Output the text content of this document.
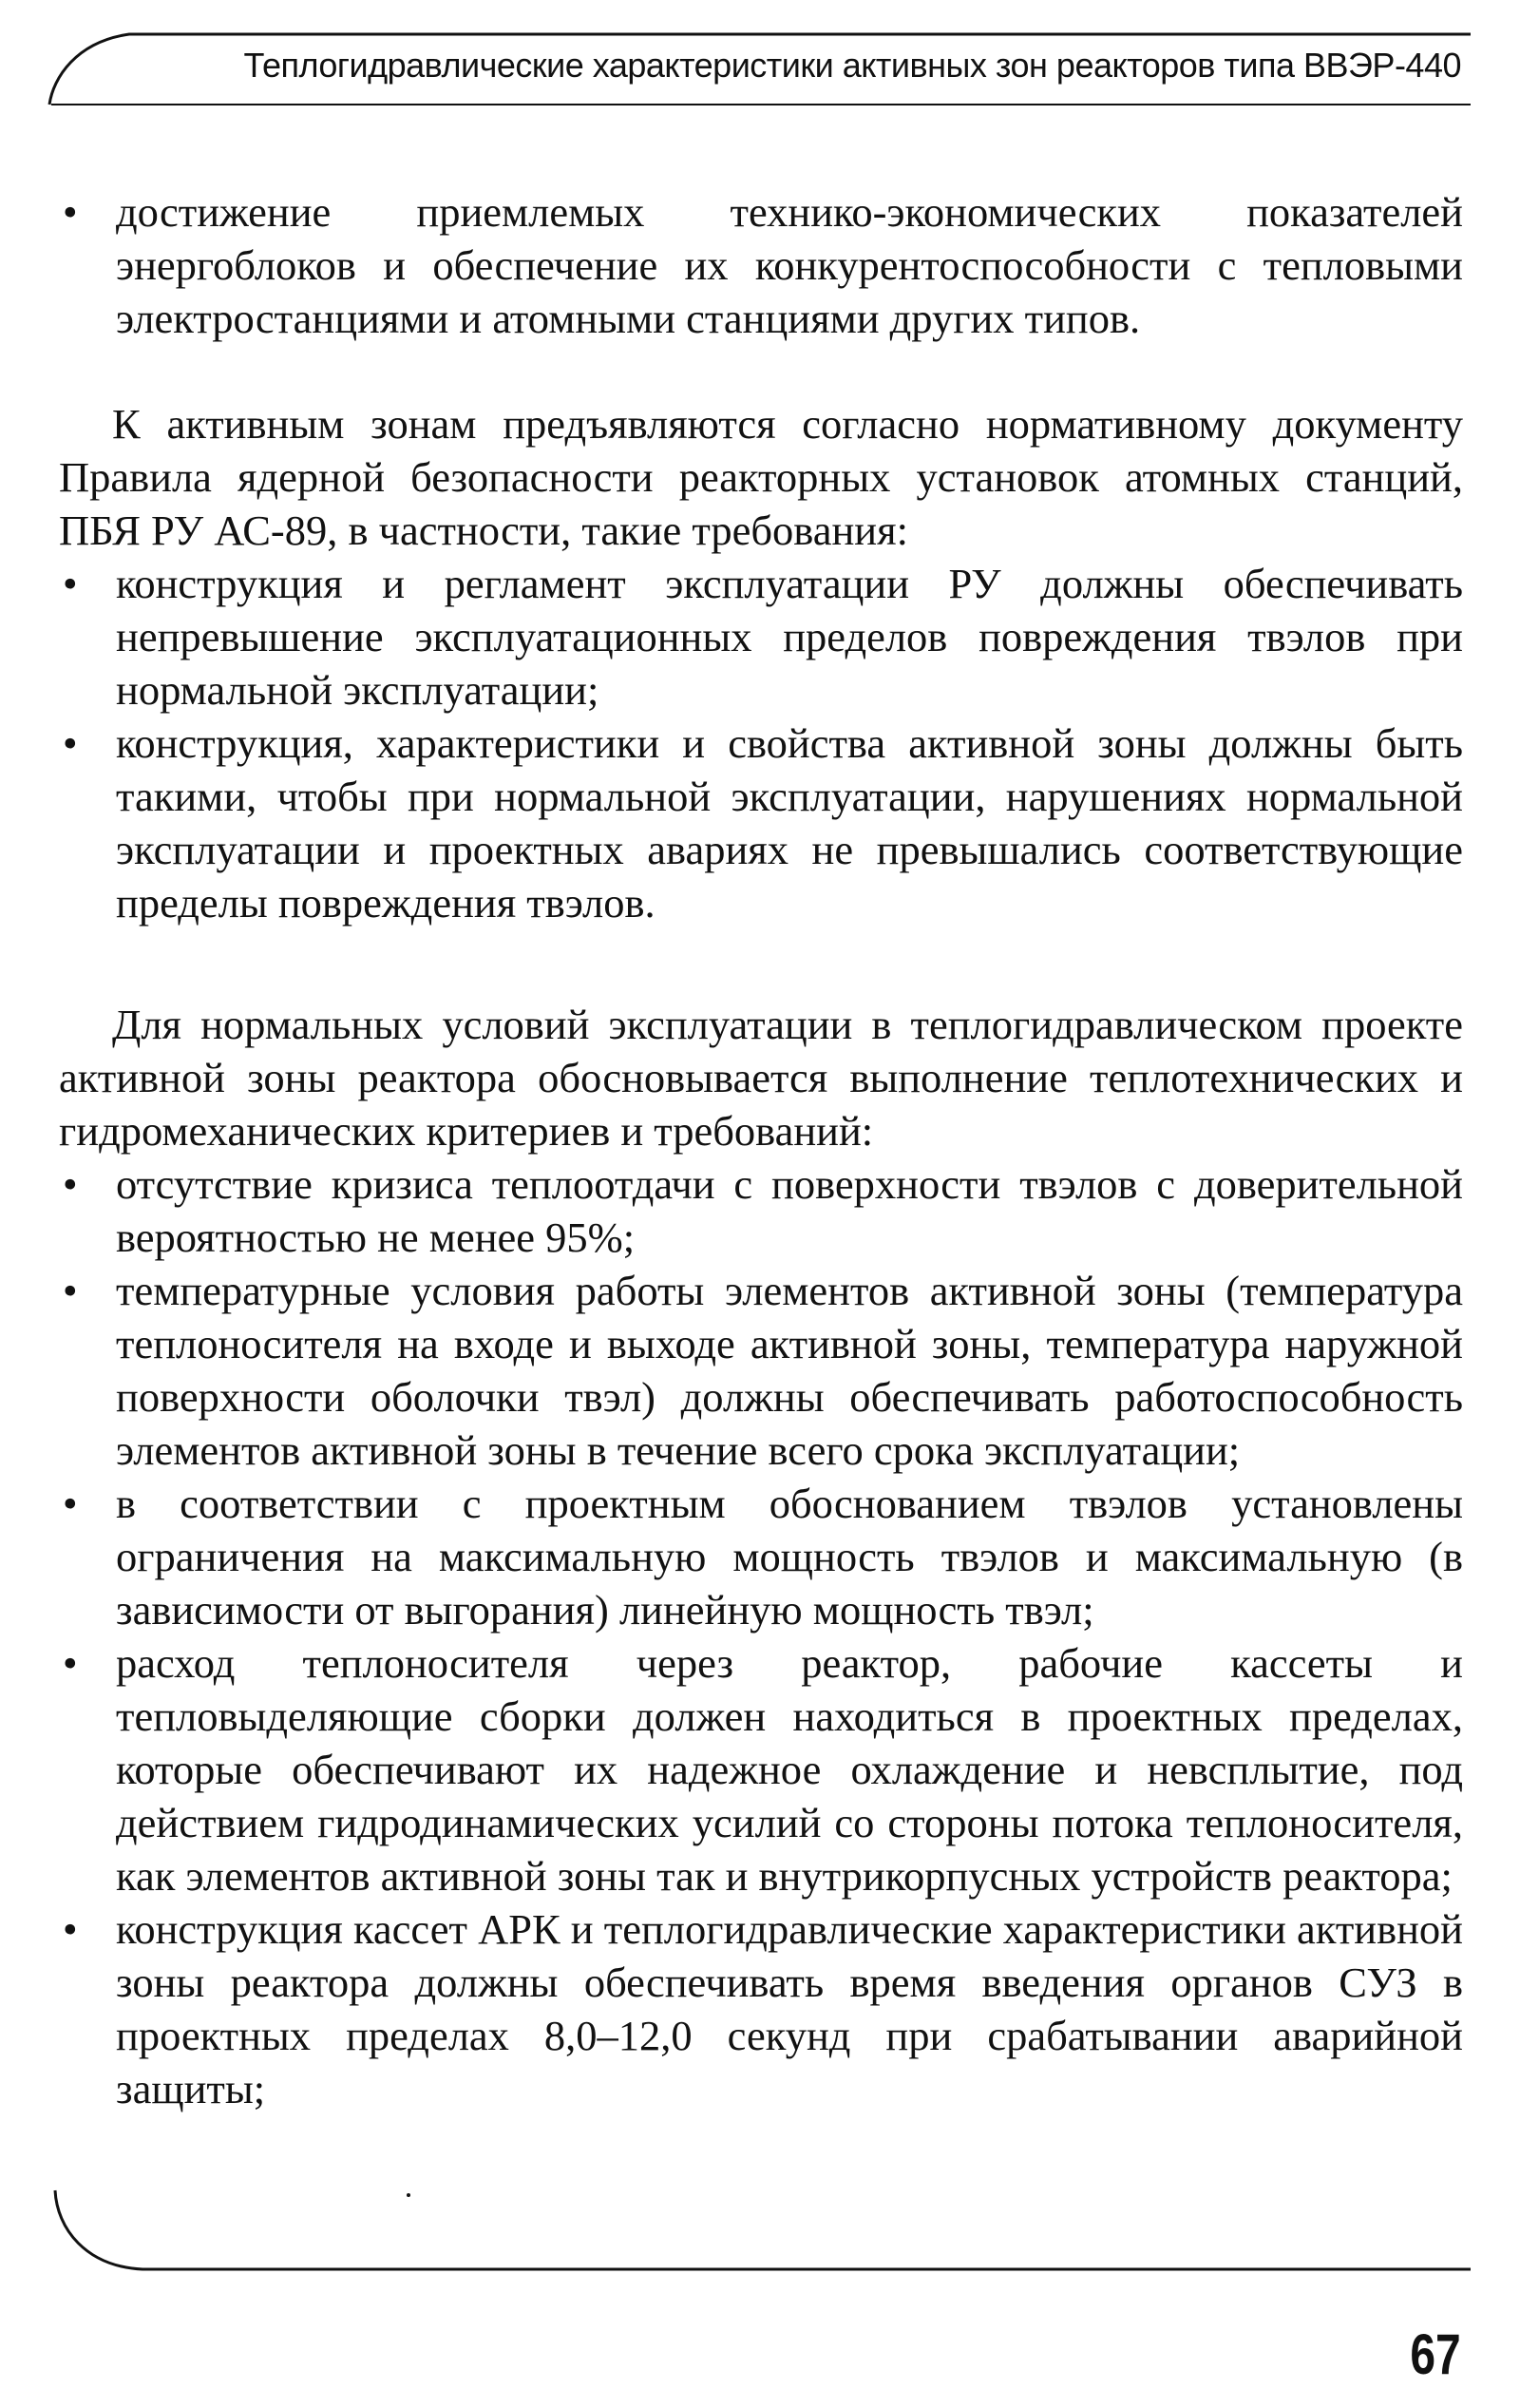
Теплогидравлические характеристики активных зон реакторов типа ВВЭР-440
• достижение приемлемых технико-экономических показателей энергоблоков и обеспечение их конкурентоспособности с тепловыми электростанциями и атомными станциями других типов.

К активным зонам предъявляются согласно нормативному документу Правила ядерной безопасности реакторных установок атомных станций, ПБЯ РУ АС-89, в частности, такие требования:

• конструкция и регламент эксплуатации РУ должны обеспечивать непревышение эксплуатационных пределов повреждения твэлов при нормальной эксплуатации;
• конструкция, характеристики и свойства активной зоны должны быть такими, чтобы при нормальной эксплуатации, нарушениях нормальной эксплуатации и проектных авариях не превышались соответствующие пределы повреждения твэлов.

Для нормальных условий эксплуатации в теплогидравлическом проекте активной зоны реактора обосновывается выполнение теплотехнических и гидромеханических критериев и требований:

• отсутствие кризиса теплоотдачи с поверхности твэлов с доверительной вероятностью не менее 95%;
• температурные условия работы элементов активной зоны (температура теплоносителя на входе и выходе активной зоны, температура наружной поверхности оболочки твэл) должны обеспечивать работоспособность элементов активной зоны в течение всего срока эксплуатации;
• в соответствии с проектным обоснованием твэлов установлены ограничения на максимальную мощность твэлов и максимальную (в зависимости от выгорания) линейную мощность твэл;
• расход теплоносителя через реактор, рабочие кассеты и тепловыделяющие сборки должен находиться в проектных пределах, которые обеспечивают их надежное охлаждение и невсплытие, под действием гидродинамических усилий со стороны потока теплоносителя, как элементов активной зоны так и внутрикорпусных устройств реактора;
• конструкция кассет АРК и теплогидравлические характеристики активной зоны реактора должны обеспечивать время введения органов СУЗ в проектных пределах 8,0–12,0 секунд при срабатывании аварийной защиты;
67
